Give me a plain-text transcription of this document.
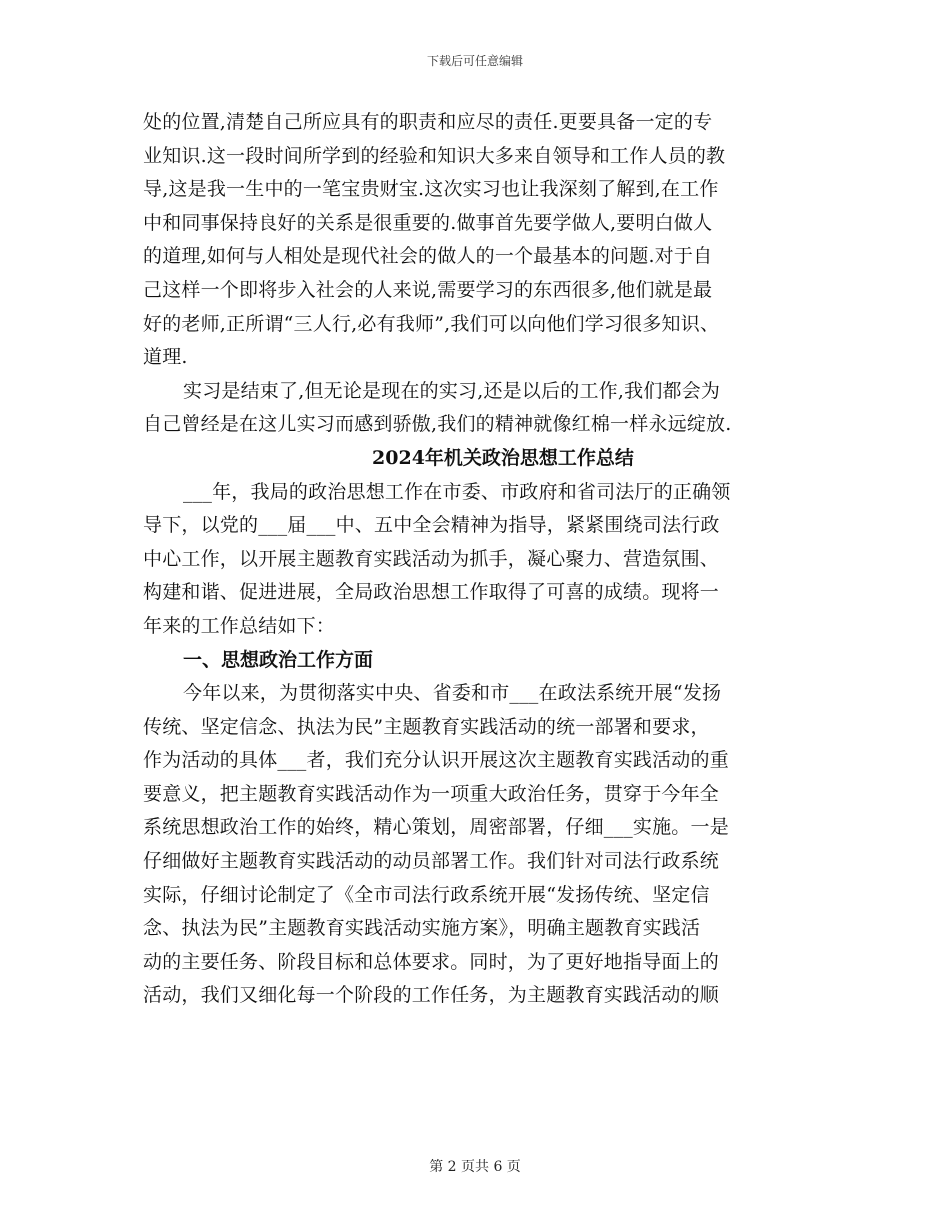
下载后可任意编辑
处的位置,清楚自己所应具有的职责和应尽的责任.更要具备一定的专
业知识.这一段时间所学到的经验和知识大多来自领导和工作人员的教
导,这是我一生中的一笔宝贵财宝.这次实习也让我深刻了解到,在工作
中和同事保持良好的关系是很重要的.做事首先要学做人,要明白做人
的道理,如何与人相处是现代社会的做人的一个最基本的问题.对于自
己这样一个即将步入社会的人来说,需要学习的东西很多,他们就是最
好的老师,正所谓“三人行,必有我师”,我们可以向他们学习很多知识、
道理.
实习是结束了,但无论是现在的实习,还是以后的工作,我们都会为
自己曾经是在这儿实习而感到骄傲,我们的精神就像红棉一样永远绽放.
2024年机关政治思想工作总结
___年，我局的政治思想工作在市委、市政府和省司法厅的正确领
导下，以党的___届___中、五中全会精神为指导，紧紧围绕司法行政
中心工作，以开展主题教育实践活动为抓手，凝心聚力、营造氛围、
构建和谐、促进进展，全局政治思想工作取得了可喜的成绩。现将一
年来的工作总结如下：
一、思想政治工作方面
今年以来，为贯彻落实中央、省委和市___在政法系统开展“发扬
传统、坚定信念、执法为民”主题教育实践活动的统一部署和要求，
作为活动的具体___者，我们充分认识开展这次主题教育实践活动的重
要意义，把主题教育实践活动作为一项重大政治任务，贯穿于今年全
系统思想政治工作的始终，精心策划，周密部署，仔细___实施。一是
仔细做好主题教育实践活动的动员部署工作。我们针对司法行政系统
实际，仔细讨论制定了《全市司法行政系统开展“发扬传统、坚定信
念、执法为民”主题教育实践活动实施方案》，明确主题教育实践活
动的主要任务、阶段目标和总体要求。同时，为了更好地指导面上的
活动，我们又细化每一个阶段的工作任务，为主题教育实践活动的顺
第 2 页共 6 页
